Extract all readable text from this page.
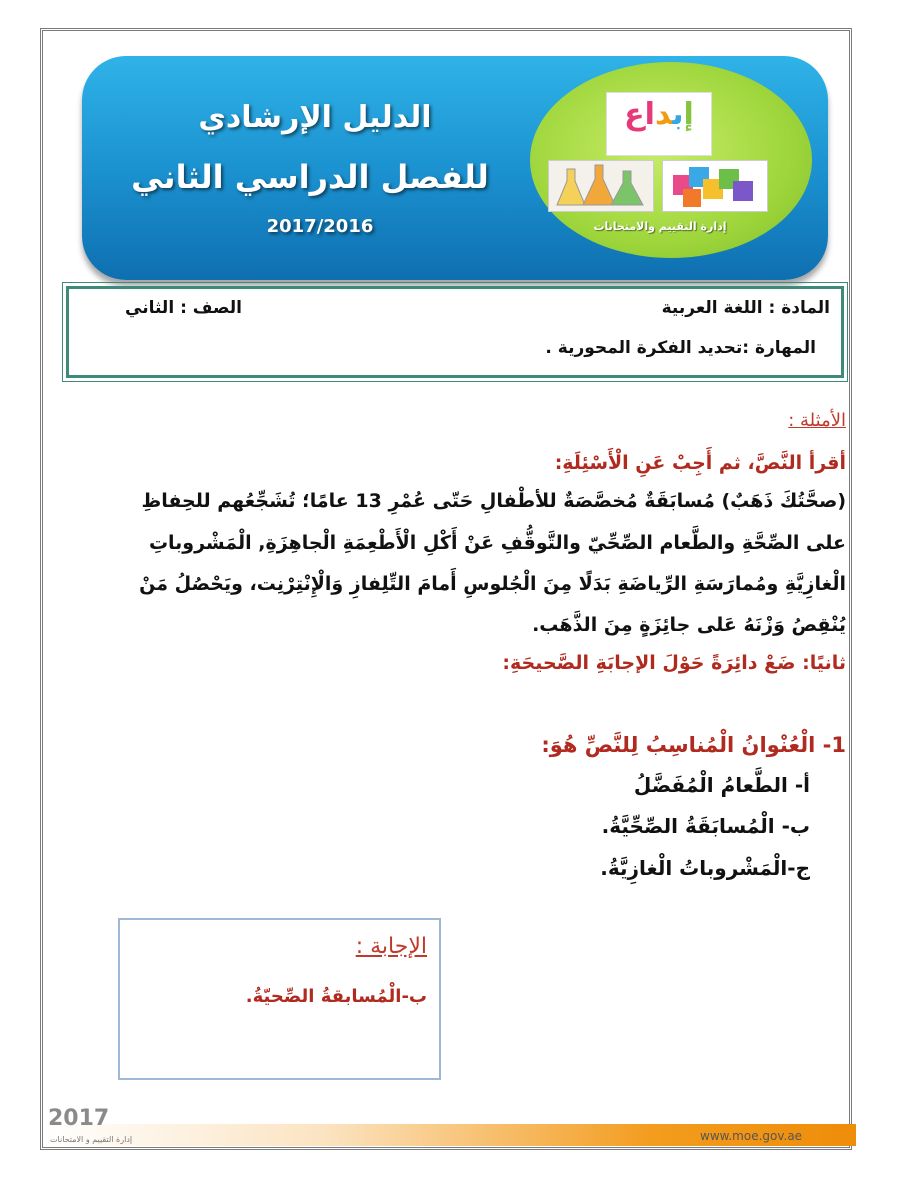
الدليل الإرشادي
للفصل الدراسي الثاني
2017/2016
إبداع
إدارة التقييم والامتحانات
المادة : اللغة العربية
الصف : الثاني
المهارة :تحديد الفكرة المحورية .
الأمثلة :
أقرأ النَّصَّ، ثم أَجِبْ عَنِ الْأَسْئِلَةِ:
(صحَّتُكَ ذَهَبٌ) مُسابَقَةٌ مُخصَّصَةٌ للأطْفالِ حَتّى عُمْرِ 13 عامًا؛ تُشَجِّعُهم للحِفاظِ
على الصِّحَّةِ والطَّعام الصِّحِّيّ والتَّوقُّفِ عَنْ أَكْلِ الْأَطْعِمَةِ الْجاهِزَةِ, الْمَشْروباتِ
الْغازِيَّةِ ومُمارَسَةِ الرِّياضَةِ بَدَلًا مِنَ الْجُلوسِ أَمامَ التِّلِفازِ وَالْإِنْتِرْنِت، ويَحْصُلُ مَنْ
يُنْقِصُ وَزْنَهُ عَلى جائِزَةٍ مِنَ الذَّهَب.
ثانيًا: ضَعْ دائِرَةً حَوْلَ الإجابَةِ الصَّحيحَةِ:
1- الْعُنْوانُ الْمُناسِبُ لِلنَّصِّ هُوَ:
أ- الطَّعامُ الْمُفَضَّلُ
ب- الْمُسابَقَةُ الصِّحِّيَّةُ.
ج-الْمَشْروباتُ الْغازِيَّةُ.
الإجابة :
ب-الْمُسابقةُ الصِّحيّةُ.
2017
إدارة التقييم و الامتحانات	www.moe.gov.ae
